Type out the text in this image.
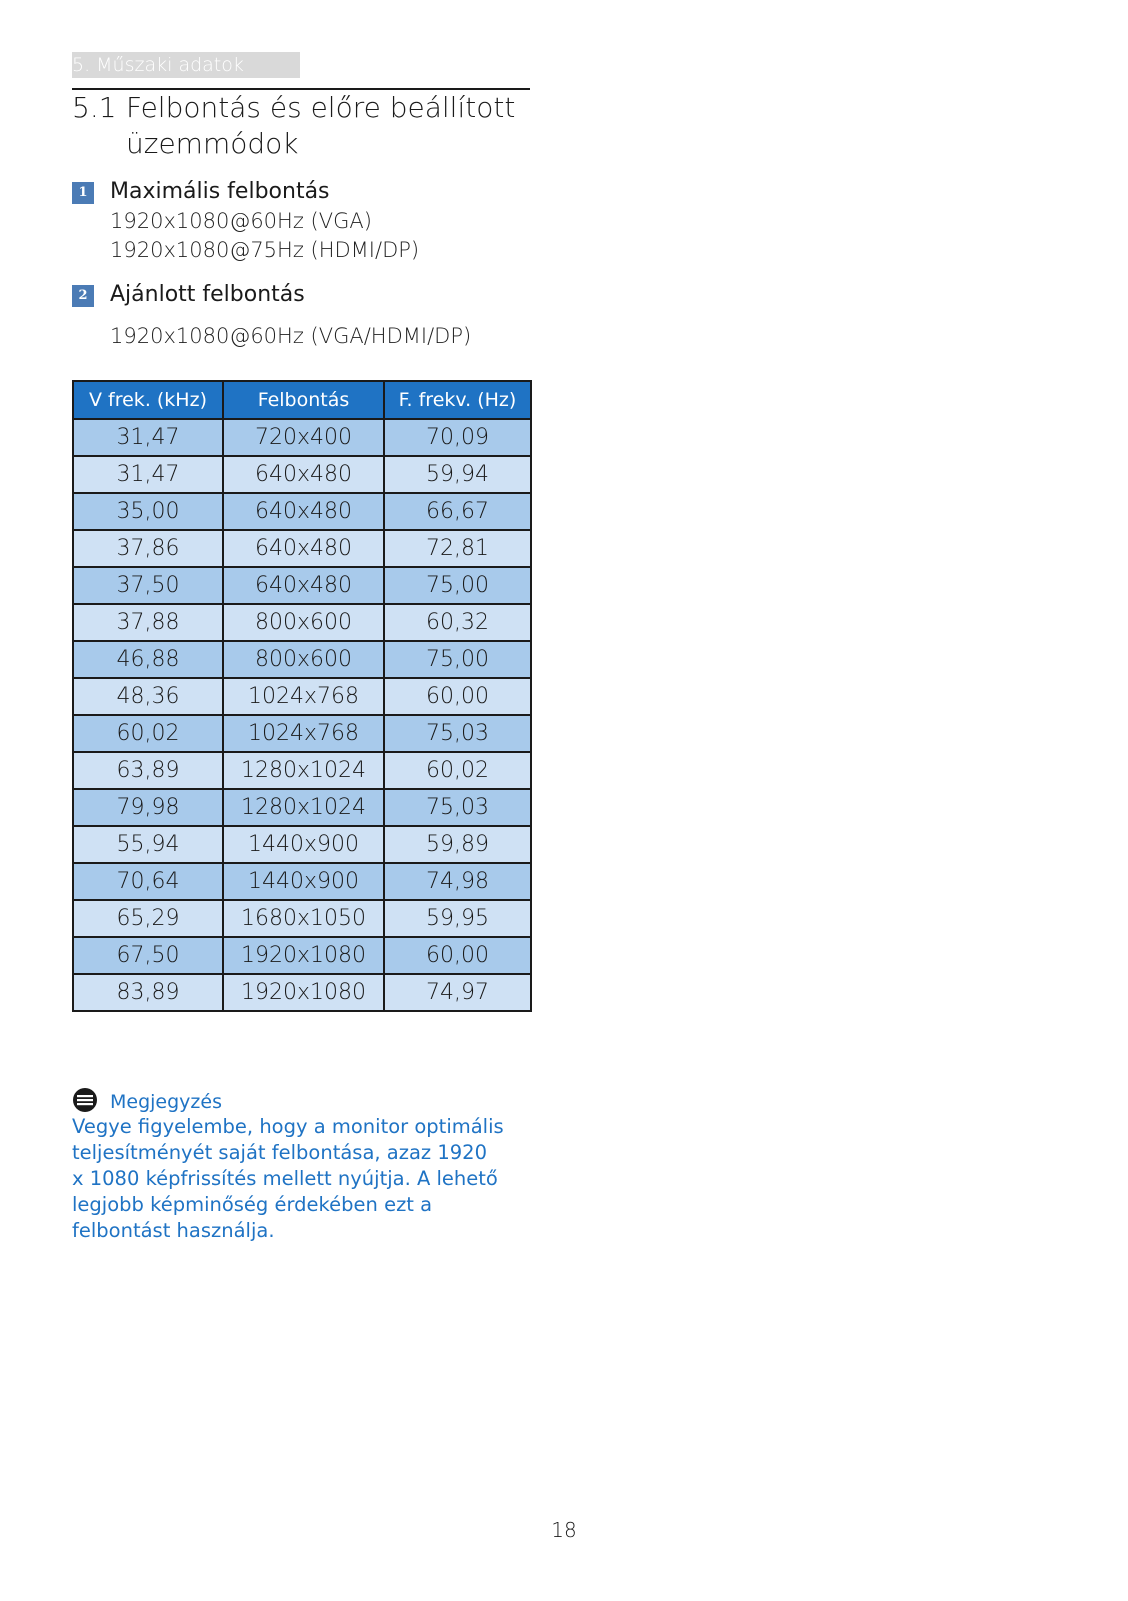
5. Műszaki adatok
5.1 Felbontás és előre beállított üzemmódok
1 Maximális felbontás
1920x1080@60Hz (VGA)
1920x1080@75Hz (HDMI/DP)
2 Ajánlott felbontás
1920x1080@60Hz (VGA/HDMI/DP)
V frek. (kHz)	Felbontás	F. frekv. (Hz)
31,47	720x400	70,09
31,47	640x480	59,94
35,00	640x480	66,67
37,86	640x480	72,81
37,50	640x480	75,00
37,88	800x600	60,32
46,88	800x600	75,00
48,36	1024x768	60,00
60,02	1024x768	75,03
63,89	1280x1024	60,02
79,98	1280x1024	75,03
55,94	1440x900	59,89
70,64	1440x900	74,98
65,29	1680x1050	59,95
67,50	1920x1080	60,00
83,89	1920x1080	74,97
Megjegyzés
Vegye figyelembe, hogy a monitor optimális
teljesítményét saját felbontása, azaz 1920
x 1080 képfrissítés mellett nyújtja. A lehető
legjobb képminőség érdekében ezt a
felbontást használja.
18
